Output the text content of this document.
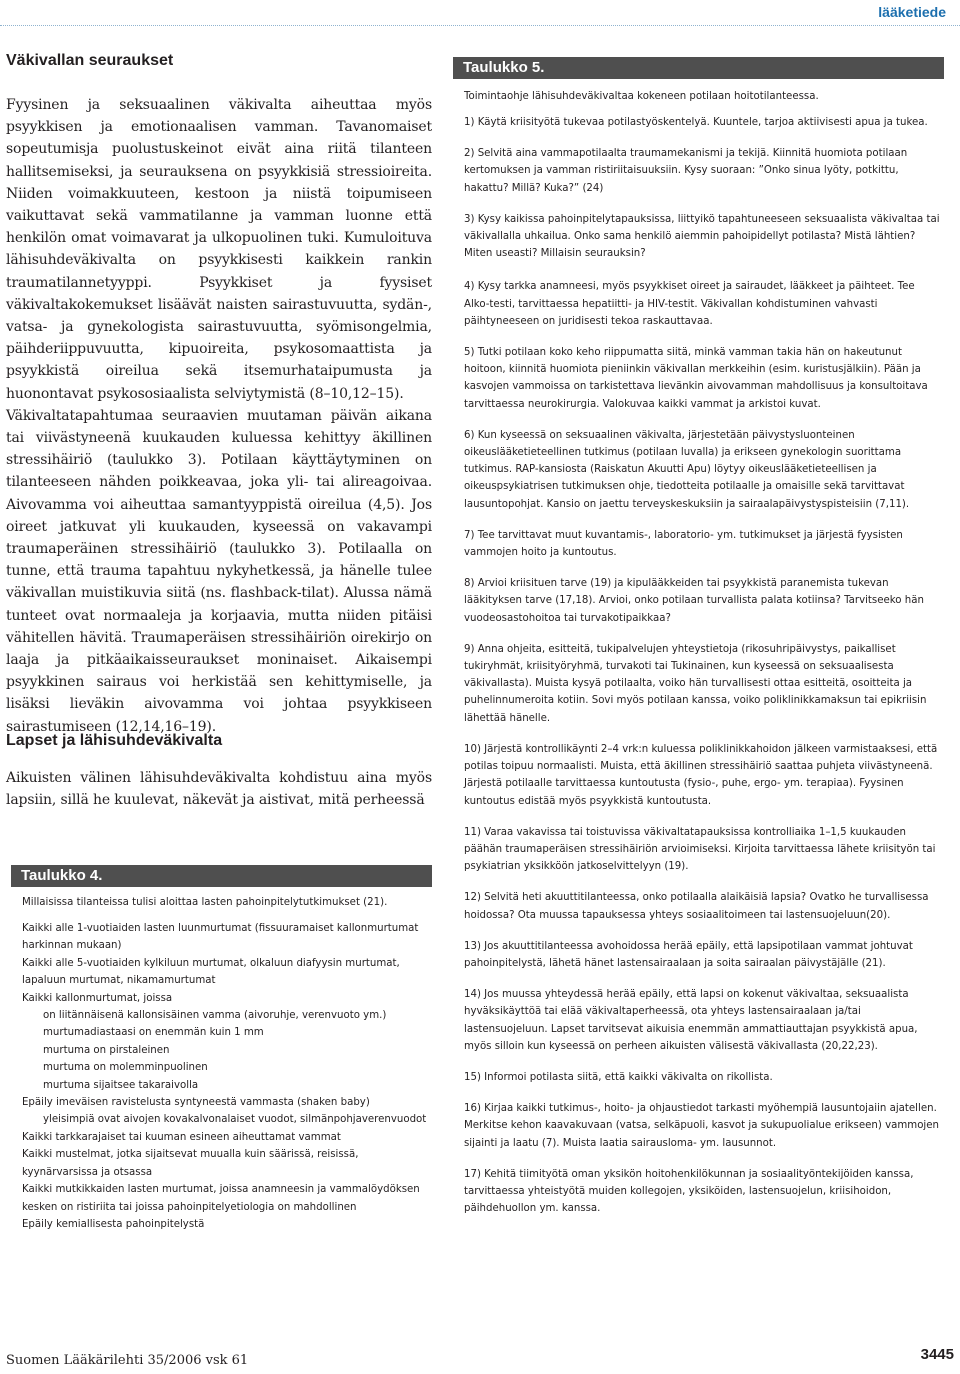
lääketiede
Väkivallan seuraukset

Fyysinen ja seksuaalinen väkivalta aiheuttaa myös psyykkisen ja emotionaalisen vamman. Tavanomaiset sopeutumisja puolustuskeinot eivät aina riitä tilanteen hallitsemiseksi, ja seurauksena on psyykkisiä stressioireita. Niiden voimakkuuteen, kestoon ja niistä toipumiseen vaikuttavat sekä vammatilanne ja vamman luonne että henkilön omat voimavarat ja ulkopuolinen tuki. Kumuloituva lähisuhdeväkivalta on psyykkisesti kaikkein rankin traumatilannetyyppi. Psyykkiset ja fyysiset väkivaltakokemukset lisäävät naisten sairastuvuutta, sydän-, vatsa- ja gynekologista sairastuvuutta, syömisongelmia, päihderiippuvuutta, kipuoireita, psykosomaattista ja psyykkistä oireilua sekä itsemurhataipumusta ja huonontavat psykososiaalista selviytymistä (8–10,12–15).

Väkivaltatapahtumaa seuraavien muutaman päivän aikana tai viivästyneenä kuukauden kuluessa kehittyy äkillinen stressihäiriö (taulukko 3). Potilaan käyttäytyminen on tilanteeseen nähden poikkeavaa, joka yli- tai alireagoivaa. Aivovamma voi aiheuttaa samantyyppistä oireilua (4,5). Jos oireet jatkuvat yli kuukauden, kyseessä on vakavampi traumaperäinen stressihäiriö (taulukko 3). Potilaalla on tunne, että trauma tapahtuu nykyhetkessä, ja hänelle tulee väkivallan muistikuvia siitä (ns. flashback-tilat). Alussa nämä tunteet ovat normaaleja ja korjaavia, mutta niiden pitäisi vähitellen hävitä. Traumaperäisen stressihäiriön oirekirjo on laaja ja pitkäaikaisseuraukset moninaiset. Aikaisempi psyykkinen sairaus voi herkistää sen kehittymiselle, ja lisäksi lieväkin aivovamma voi johtaa psyykkiseen sairastumiseen (12,14,16–19).

Lapset ja lähisuhdeväkivalta

Aikuisten välinen lähisuhdeväkivalta kohdistuu aina myös lapsiin, sillä he kuulevat, näkevät ja aistivat, mitä perheessä

Taulukko 4.
Millaisissa tilanteissa tulisi aloittaa lasten pahoinpitelytutkimukset (21).
Kaikki alle 1-vuotiaiden lasten luunmurtumat (fissuuramaiset kallonmurtumat harkinnan mukaan)
Kaikki alle 5-vuotiaiden kylkiluun murtumat, olkaluun diafyysin murtumat, lapaluun murtumat, nikamamurtumat
Kaikki kallonmurtumat, joissa
on liitännäisenä kallonsisäinen vamma (aivoruhje, verenvuoto ym.)
murtumadiastaasi on enemmän kuin 1 mm
murtuma on pirstaleinen
murtuma on molemminpuolinen
murtuma sijaitsee takaraivolla
Epäily imeväisen ravistelusta syntyneestä vammasta (shaken baby)
yleisimpiä ovat aivojen kovakalvonalaiset vuodot, silmänpohjaverenvuodot
Kaikki tarkkarajaiset tai kuuman esineen aiheuttamat vammat
Kaikki mustelmat, jotka sijaitsevat muualla kuin säärissä, reisissä, kyynärvarsissa ja otsassa
Kaikki mutkikkaiden lasten murtumat, joissa anamneesin ja vammalöydöksen kesken on ristiriita tai joissa pahoinpitelyetiologia on mahdollinen
Epäily kemiallisesta pahoinpitelystä
Taulukko 5.
Toimintaohje lähisuhdeväkivaltaa kokeneen potilaan hoitotilanteessa.

1) Käytä kriisityötä tukevaa potilastyöskentelyä. Kuuntele, tarjoa aktiivisesti apua ja tukea.

2) Selvitä aina vammapotilaalta traumamekanismi ja tekijä. Kiinnitä huomiota potilaan kertomuksen ja vamman ristiriitaisuuksiin. Kysy suoraan: ”Onko sinua lyöty, potkittu, hakattu? Millä? Kuka?” (24)

3) Kysy kaikissa pahoinpitelytapauksissa, liittyikö tapahtuneeseen seksuaalista väkivaltaa tai väkivallalla uhkailua. Onko sama henkilö aiemmin pahoipidellyt potilasta? Mistä lähtien? Miten useasti? Millaisin seurauksin?

4) Kysy tarkka anamneesi, myös psyykkiset oireet ja sairaudet, lääkkeet ja päihteet. Tee Alko-testi, tarvittaessa hepatiitti- ja HIV-testit. Väkivallan kohdistuminen vahvasti päihtyneeseen on juridisesti tekoa raskauttavaa.

5) Tutki potilaan koko keho riippumatta siitä, minkä vamman takia hän on hakeutunut hoitoon, kiinnitä huomiota pieniinkin väkivallan merkkeihin (esim. kuristusjälkiin). Pään ja kasvojen vammoissa on tarkistettava lievänkin aivovamman mahdollisuus ja konsultoitava tarvittaessa neurokirurgia. Valokuvaa kaikki vammat ja arkistoi kuvat.

6) Kun kyseessä on seksuaalinen väkivalta, järjestetään päivystysluonteinen oikeuslääketieteellinen tutkimus (potilaan luvalla) ja erikseen gynekologin suorittama tutkimus. RAP-kansiosta (Raiskatun Akuutti Apu) löytyy oikeuslääketieteellisen ja oikeuspsykiatrisen tutkimuksen ohje, tiedotteita potilaalle ja omaisille sekä tarvittavat lausuntopohjat. Kansio on jaettu terveyskeskuksiin ja sairaalapäivystyspisteisiin (7,11).

7) Tee tarvittavat muut kuvantamis-, laboratorio- ym. tutkimukset ja järjestä fyysisten vammojen hoito ja kuntoutus.

8) Arvioi kriisituen tarve (19) ja kipulääkkeiden tai psyykkistä paranemista tukevan lääkityksen tarve (17,18). Arvioi, onko potilaan turvallista palata kotiinsa? Tarvitseeko hän vuodeosastohoitoa tai turvakotipaikkaa?

9) Anna ohjeita, esitteitä, tukipalvelujen yhteystietoja (rikosuhripäivystys, paikalliset tukiryhmät, kriisityöryhmä, turvakoti tai Tukinainen, kun kyseessä on seksuaalisesta väkivallasta). Muista kysyä potilaalta, voiko hän turvallisesti ottaa esitteitä, osoitteita ja puhelinnumeroita kotiin. Sovi myös potilaan kanssa, voiko poliklinikkamaksun tai epikriisin lähettää hänelle.

10) Järjestä kontrollikäynti 2–4 vrk:n kuluessa poliklinikkahoidon jälkeen varmistaaksesi, että potilas toipuu normaalisti. Muista, että äkillinen stressihäiriö saattaa puhjeta viivästyneenä. Järjestä potilaalle tarvittaessa kuntoutusta (fysio-, puhe, ergo- ym. terapiaa). Fyysinen kuntoutus edistää myös psyykkistä kuntoutusta.

11) Varaa vakavissa tai toistuvissa väkivaltatapauksissa kontrolliaika 1–1,5 kuukauden päähän traumaperäisen stressihäiriön arvioimiseksi. Kirjoita tarvittaessa lähete kriisityön tai psykiatrian yksikköön jatkoselvittelyyn (19).

12) Selvitä heti akuuttitilanteessa, onko potilaalla alaikäisiä lapsia? Ovatko he turvallisessa hoidossa? Ota muussa tapauksessa yhteys sosiaalitoimeen tai lastensuojeluun(20).

13) Jos akuuttitilanteessa avohoidossa herää epäily, että lapsipotilaan vammat johtuvat pahoinpitelystä, lähetä hänet lastensairaalaan ja soita sairaalan päivystäjälle (21).

14) Jos muussa yhteydessä herää epäily, että lapsi on kokenut väkivaltaa, seksuaalista hyväksikäyttöä tai elää väkivaltaperheessä, ota yhteys lastensairaalaan ja/tai lastensuojeluun. Lapset tarvitsevat aikuisia enemmän ammattiauttajan psyykkistä apua, myös silloin kun kyseessä on perheen aikuisten välisestä väkivallasta (20,22,23).

15) Informoi potilasta siitä, että kaikki väkivalta on rikollista.

16) Kirjaa kaikki tutkimus-, hoito- ja ohjaustiedot tarkasti myöhempiä lausuntojaiin ajatellen. Merkitse kehon kaavakuvaan (vatsa, selkäpuoli, kasvot ja sukupuolialue erikseen) vammojen sijainti ja laatu (7). Muista laatia sairausloma- ym. lausunnot.

17) Kehitä tiimityötä oman yksikön hoitohenkilökunnan ja sosiaalityöntekijöiden kanssa, tarvittaessa yhteistyötä muiden kollegojen, yksiköiden, lastensuojelun, kriisihoidon, päihdehuollon ym. kanssa.

Suomen Lääkärilehti 35/2006 vsk 61	3445
